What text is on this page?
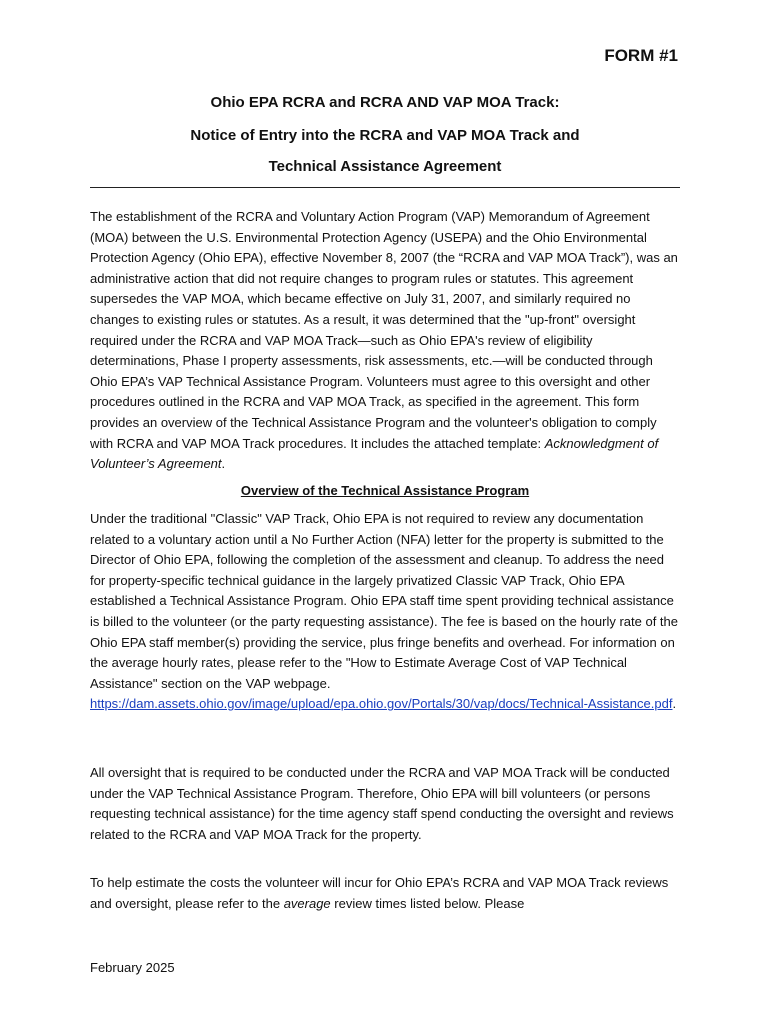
FORM #1
Ohio EPA RCRA and RCRA AND VAP MOA Track:
Notice of Entry into the RCRA and VAP MOA Track and
Technical Assistance Agreement

The establishment of the RCRA and Voluntary Action Program (VAP) Memorandum of Agreement (MOA) between the U.S. Environmental Protection Agency (USEPA) and the Ohio Environmental Protection Agency (Ohio EPA), effective November 8, 2007 (the “RCRA and VAP MOA Track”), was an administrative action that did not require changes to program rules or statutes. This agreement supersedes the VAP MOA, which became effective on July 31, 2007, and similarly required no changes to existing rules or statutes. As a result, it was determined that the "up-front" oversight required under the RCRA and VAP MOA Track—such as Ohio EPA's review of eligibility determinations, Phase I property assessments, risk assessments, etc.—will be conducted through Ohio EPA’s VAP Technical Assistance Program. Volunteers must agree to this oversight and other procedures outlined in the RCRA and VAP MOA Track, as specified in the agreement. This form provides an overview of the Technical Assistance Program and the volunteer's obligation to comply with RCRA and VAP MOA Track procedures. It includes the attached template: Acknowledgment of Volunteer’s Agreement.

Overview of the Technical Assistance Program

Under the traditional "Classic" VAP Track, Ohio EPA is not required to review any documentation related to a voluntary action until a No Further Action (NFA) letter for the property is submitted to the Director of Ohio EPA, following the completion of the assessment and cleanup. To address the need for property-specific technical guidance in the largely privatized Classic VAP Track, Ohio EPA established a Technical Assistance Program. Ohio EPA staff time spent providing technical assistance is billed to the volunteer (or the party requesting assistance). The fee is based on the hourly rate of the Ohio EPA staff member(s) providing the service, plus fringe benefits and overhead. For information on the average hourly rates, please refer to the "How to Estimate Average Cost of VAP Technical Assistance" section on the VAP webpage.
https://dam.assets.ohio.gov/image/upload/epa.ohio.gov/Portals/30/vap/docs/Technical-Assistance.pdf.

All oversight that is required to be conducted under the RCRA and VAP MOA Track will be conducted under the VAP Technical Assistance Program. Therefore, Ohio EPA will bill volunteers (or persons requesting technical assistance) for the time agency staff spend conducting the oversight and reviews related to the RCRA and VAP MOA Track for the property.

To help estimate the costs the volunteer will incur for Ohio EPA’s RCRA and VAP MOA Track reviews and oversight, please refer to the average review times listed below. Please

February 2025
